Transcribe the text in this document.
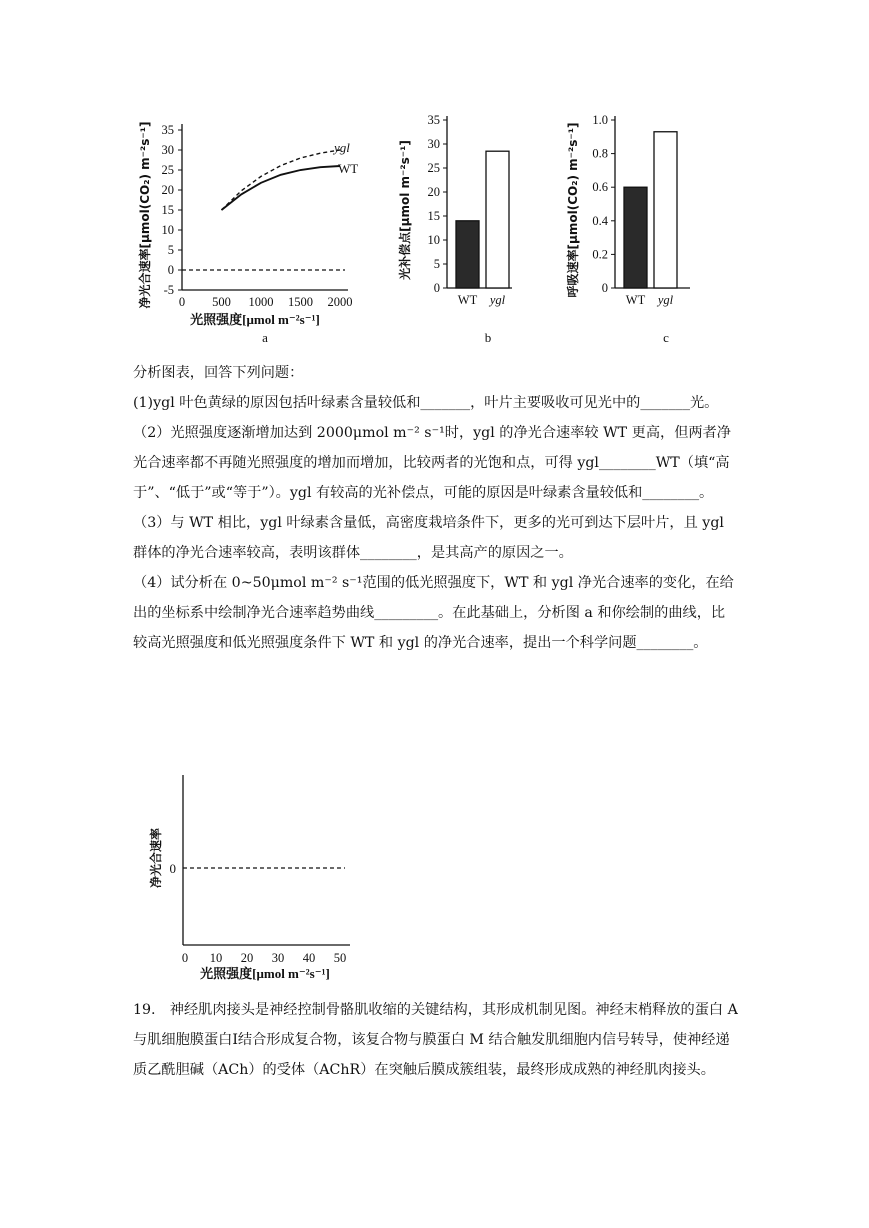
35
30
25
20
15
10
5
0
-5
0 500 1000 1500 2000
净光合速率[μmol(CO₂) m⁻²s⁻¹]
光照强度[μmol m⁻²s⁻¹]
ygl
WT
a
35
30
25
20
15
10
5
0
WT ygl
光补偿点[μmol m⁻²s⁻¹]
b
1.0
0.8
0.6
0.4
0.2
0
WT ygl
呼吸速率[μmol(CO₂) m⁻²s⁻¹]
c

分析图表，回答下列问题：

(1)ygl 叶色黄绿的原因包括叶绿素含量较低和_______，叶片主要吸收可见光中的_______光。

（2）光照强度逐渐增加达到 2000μmol m⁻² s⁻¹时，ygl 的净光合速率较 WT 更高，但两者净光合速率都不再随光照强度的增加而增加，比较两者的光饱和点，可得 ygl________WT（填“高于”、“低于”或“等于”）。ygl 有较高的光补偿点，可能的原因是叶绿素含量较低和________。

（3）与 WT 相比，ygl 叶绿素含量低，高密度栽培条件下，更多的光可到达下层叶片，且 ygl 群体的净光合速率较高，表明该群体________，是其高产的原因之一。

（4）试分析在 0~50μmol m⁻² s⁻¹范围的低光照强度下，WT 和 ygl 净光合速率的变化，在给出的坐标系中绘制净光合速率趋势曲线_________。在此基础上，分析图 a 和你绘制的曲线，比较高光照强度和低光照强度条件下 WT 和 ygl 的净光合速率，提出一个科学问题________。

0
0 10 20 30 40 50
净光合速率
光照强度[μmol m⁻²s⁻¹]

19.　神经肌肉接头是神经控制骨骼肌收缩的关键结构，其形成机制见图。神经末梢释放的蛋白 A 与肌细胞膜蛋白Ⅰ结合形成复合物，该复合物与膜蛋白 M 结合触发肌细胞内信号转导，使神经递质乙酰胆碱（ACh）的受体（AChR）在突触后膜成簇组装，最终形成成熟的神经肌肉接头。
